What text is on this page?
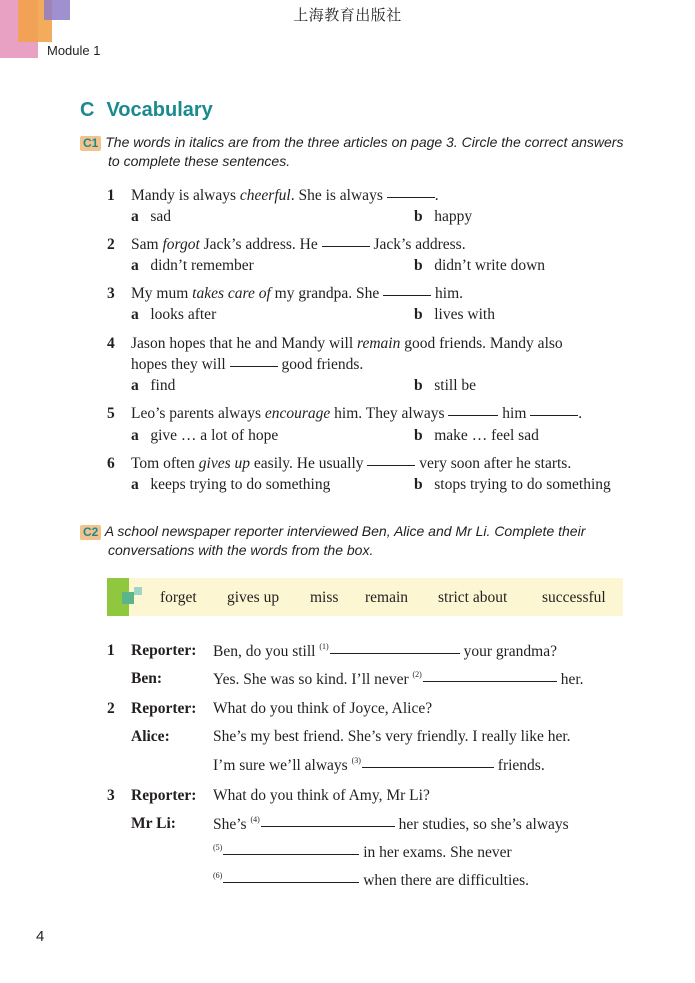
上海教育出版社
Module 1
C Vocabulary
C1 The words in italics are from the three articles on page 3. Circle the correct answers
to complete these sentences.
1 Mandy is always cheerful. She is always	.
a sad	b happy
2 Sam forgot Jack’s address. He	Jack’s address.
a didn’t remember	b didn’t write down
3 My mum takes care of my grandpa. She	him.
a looks after	b lives with
4 Jason hopes that he and Mandy will remain good friends. Mandy also
hopes they will	good friends.
a find	b still be
5 Leo’s parents always encourage him. They always	him	.
a give … a lot of hope	b make … feel sad
6 Tom often gives up easily. He usually	very soon after he starts.
a keeps trying to do something	b stops trying to do something
C2 A school newspaper reporter interviewed Ben, Alice and Mr Li. Complete their
conversations with the words from the box.
forget gives up miss remain strict about successful
1 Reporter: Ben, do you still $^{(1)}$	your grandma?
Ben:	Yes. She was so kind. I’ll never $^{(2)}$	her.
2 Reporter: What do you think of Joyce, Alice?
Alice:	She’s my best friend. She’s very friendly. I really like her.
I’m sure we’ll always $^{(3)}$	friends.
3 Reporter: What do you think of Amy, Mr Li?
Mr Li: She’s $^{(4)}$	her studies, so she’s always
$^{(5)}$	in her exams. She never
$^{(6)}$	when there are difficulties.
4
